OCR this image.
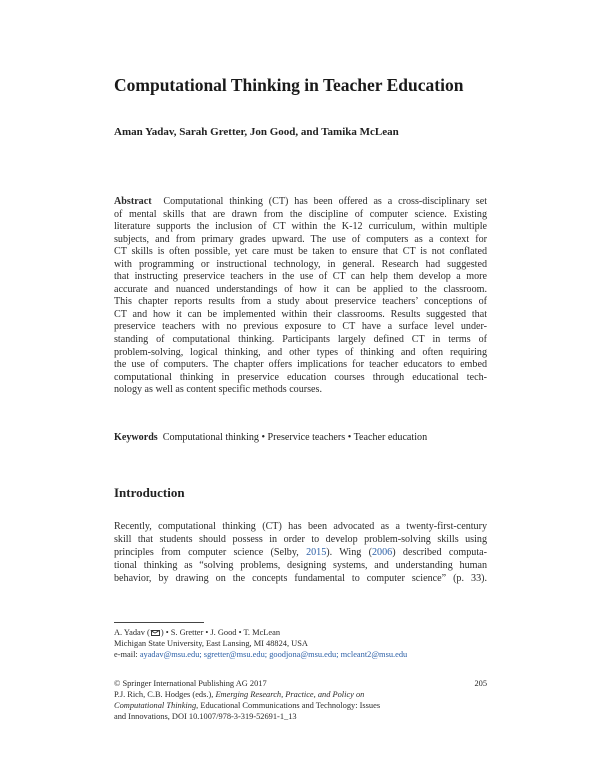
Computational Thinking in Teacher Education
Aman Yadav, Sarah Gretter, Jon Good, and Tamika McLean
Abstract Computational thinking (CT) has been offered as a cross-disciplinary set
of mental skills that are drawn from the discipline of computer science. Existing
literature supports the inclusion of CT within the K-12 curriculum, within multiple
subjects, and from primary grades upward. The use of computers as a context for
CT skills is often possible, yet care must be taken to ensure that CT is not conflated
with programming or instructional technology, in general. Research had suggested
that instructing preservice teachers in the use of CT can help them develop a more
accurate and nuanced understandings of how it can be applied to the classroom.
This chapter reports results from a study about preservice teachers’ conceptions of
CT and how it can be implemented within their classrooms. Results suggested that
preservice teachers with no previous exposure to CT have a surface level under-
standing of computational thinking. Participants largely defined CT in terms of
problem-solving, logical thinking, and other types of thinking and often requiring
the use of computers. The chapter offers implications for teacher educators to embed
computational thinking in preservice education courses through educational tech-
nology as well as content specific methods courses.
Keywords Computational thinking • Preservice teachers • Teacher education
Introduction
Recently, computational thinking (CT) has been advocated as a twenty-first-century
skill that students should possess in order to develop problem-solving skills using
principles from computer science (Selby, 2015). Wing (2006) described computa-
tional thinking as “solving problems, designing systems, and understanding human
behavior, by drawing on the concepts fundamental to computer science” (p. 33).
A. Yadav ( ) • S. Gretter • J. Good • T. McLean
Michigan State University, East Lansing, MI 48824, USA
e-mail: ayadav@msu.edu; sgretter@msu.edu; goodjona@msu.edu; mcleant2@msu.edu
© Springer International Publishing AG 2017
P.J. Rich, C.B. Hodges (eds.), Emerging Research, Practice, and Policy on
Computational Thinking, Educational Communications and Technology: Issues
and Innovations, DOI 10.1007/978-3-319-52691-1_13
205
